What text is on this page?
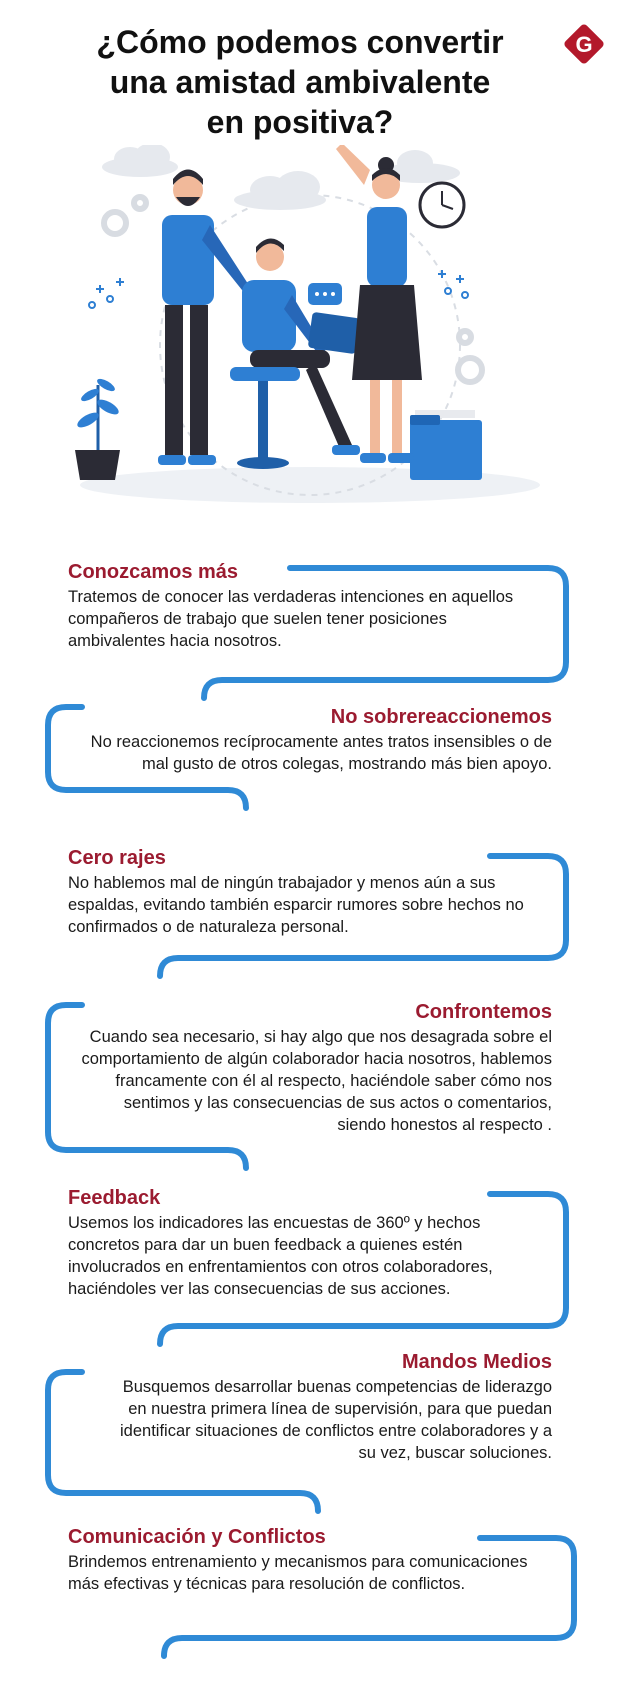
¿Cómo podemos convertir
una amistad ambivalente
en positiva?
G

Conozcamos más

Tratemos de conocer las verdaderas intenciones en aquellos compañeros de trabajo que suelen tener posiciones ambivalentes hacia nosotros.

No sobrereaccionemos

No reaccionemos recíprocamente antes tratos insensibles o de mal gusto de otros colegas, mostrando más bien apoyo.

Cero rajes

No hablemos mal de ningún trabajador y menos aún a sus espaldas, evitando también esparcir rumores sobre hechos no confirmados o de naturaleza personal.

Confrontemos

Cuando sea necesario, si hay algo que nos desagrada sobre el comportamiento de algún colaborador hacia nosotros, hablemos francamente con él al respecto, haciéndole saber cómo nos sentimos y las consecuencias de sus actos o comentarios, siendo honestos al respecto .

Feedback

Usemos los indicadores las encuestas de 360º y hechos concretos para dar un buen feedback a quienes estén involucrados en enfrentamientos con otros colaboradores, haciéndoles ver las consecuencias de sus acciones.

Mandos Medios

Busquemos desarrollar buenas competencias de liderazgo en nuestra primera línea de supervisión, para que puedan identificar situaciones de conflictos entre colaboradores y a su vez, buscar soluciones.

Comunicación y Conflictos

Brindemos entrenamiento y mecanismos para comunicaciones más efectivas y técnicas para resolución de conflictos.
